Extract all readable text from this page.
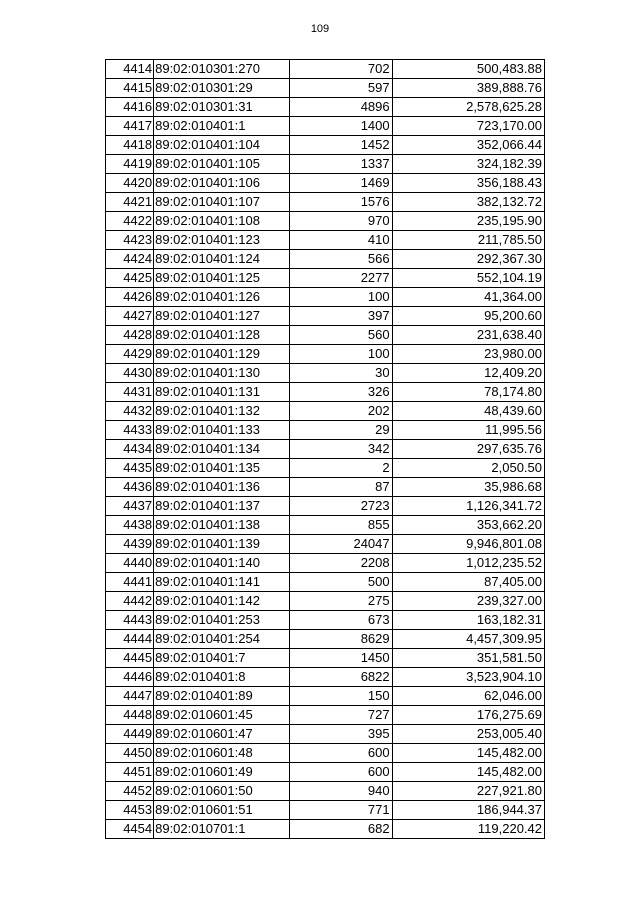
109
4414	89:02:010301:270	702	500,483.88
4415	89:02:010301:29	597	389,888.76
4416	89:02:010301:31	4896	2,578,625.28
4417	89:02:010401:1	1400	723,170.00
4418	89:02:010401:104	1452	352,066.44
4419	89:02:010401:105	1337	324,182.39
4420	89:02:010401:106	1469	356,188.43
4421	89:02:010401:107	1576	382,132.72
4422	89:02:010401:108	970	235,195.90
4423	89:02:010401:123	410	211,785.50
4424	89:02:010401:124	566	292,367.30
4425	89:02:010401:125	2277	552,104.19
4426	89:02:010401:126	100	41,364.00
4427	89:02:010401:127	397	95,200.60
4428	89:02:010401:128	560	231,638.40
4429	89:02:010401:129	100	23,980.00
4430	89:02:010401:130	30	12,409.20
4431	89:02:010401:131	326	78,174.80
4432	89:02:010401:132	202	48,439.60
4433	89:02:010401:133	29	11,995.56
4434	89:02:010401:134	342	297,635.76
4435	89:02:010401:135	2	2,050.50
4436	89:02:010401:136	87	35,986.68
4437	89:02:010401:137	2723	1,126,341.72
4438	89:02:010401:138	855	353,662.20
4439	89:02:010401:139	24047	9,946,801.08
4440	89:02:010401:140	2208	1,012,235.52
4441	89:02:010401:141	500	87,405.00
4442	89:02:010401:142	275	239,327.00
4443	89:02:010401:253	673	163,182.31
4444	89:02:010401:254	8629	4,457,309.95
4445	89:02:010401:7	1450	351,581.50
4446	89:02:010401:8	6822	3,523,904.10
4447	89:02:010401:89	150	62,046.00
4448	89:02:010601:45	727	176,275.69
4449	89:02:010601:47	395	253,005.40
4450	89:02:010601:48	600	145,482.00
4451	89:02:010601:49	600	145,482.00
4452	89:02:010601:50	940	227,921.80
4453	89:02:010601:51	771	186,944.37
4454	89:02:010701:1	682	119,220.42
